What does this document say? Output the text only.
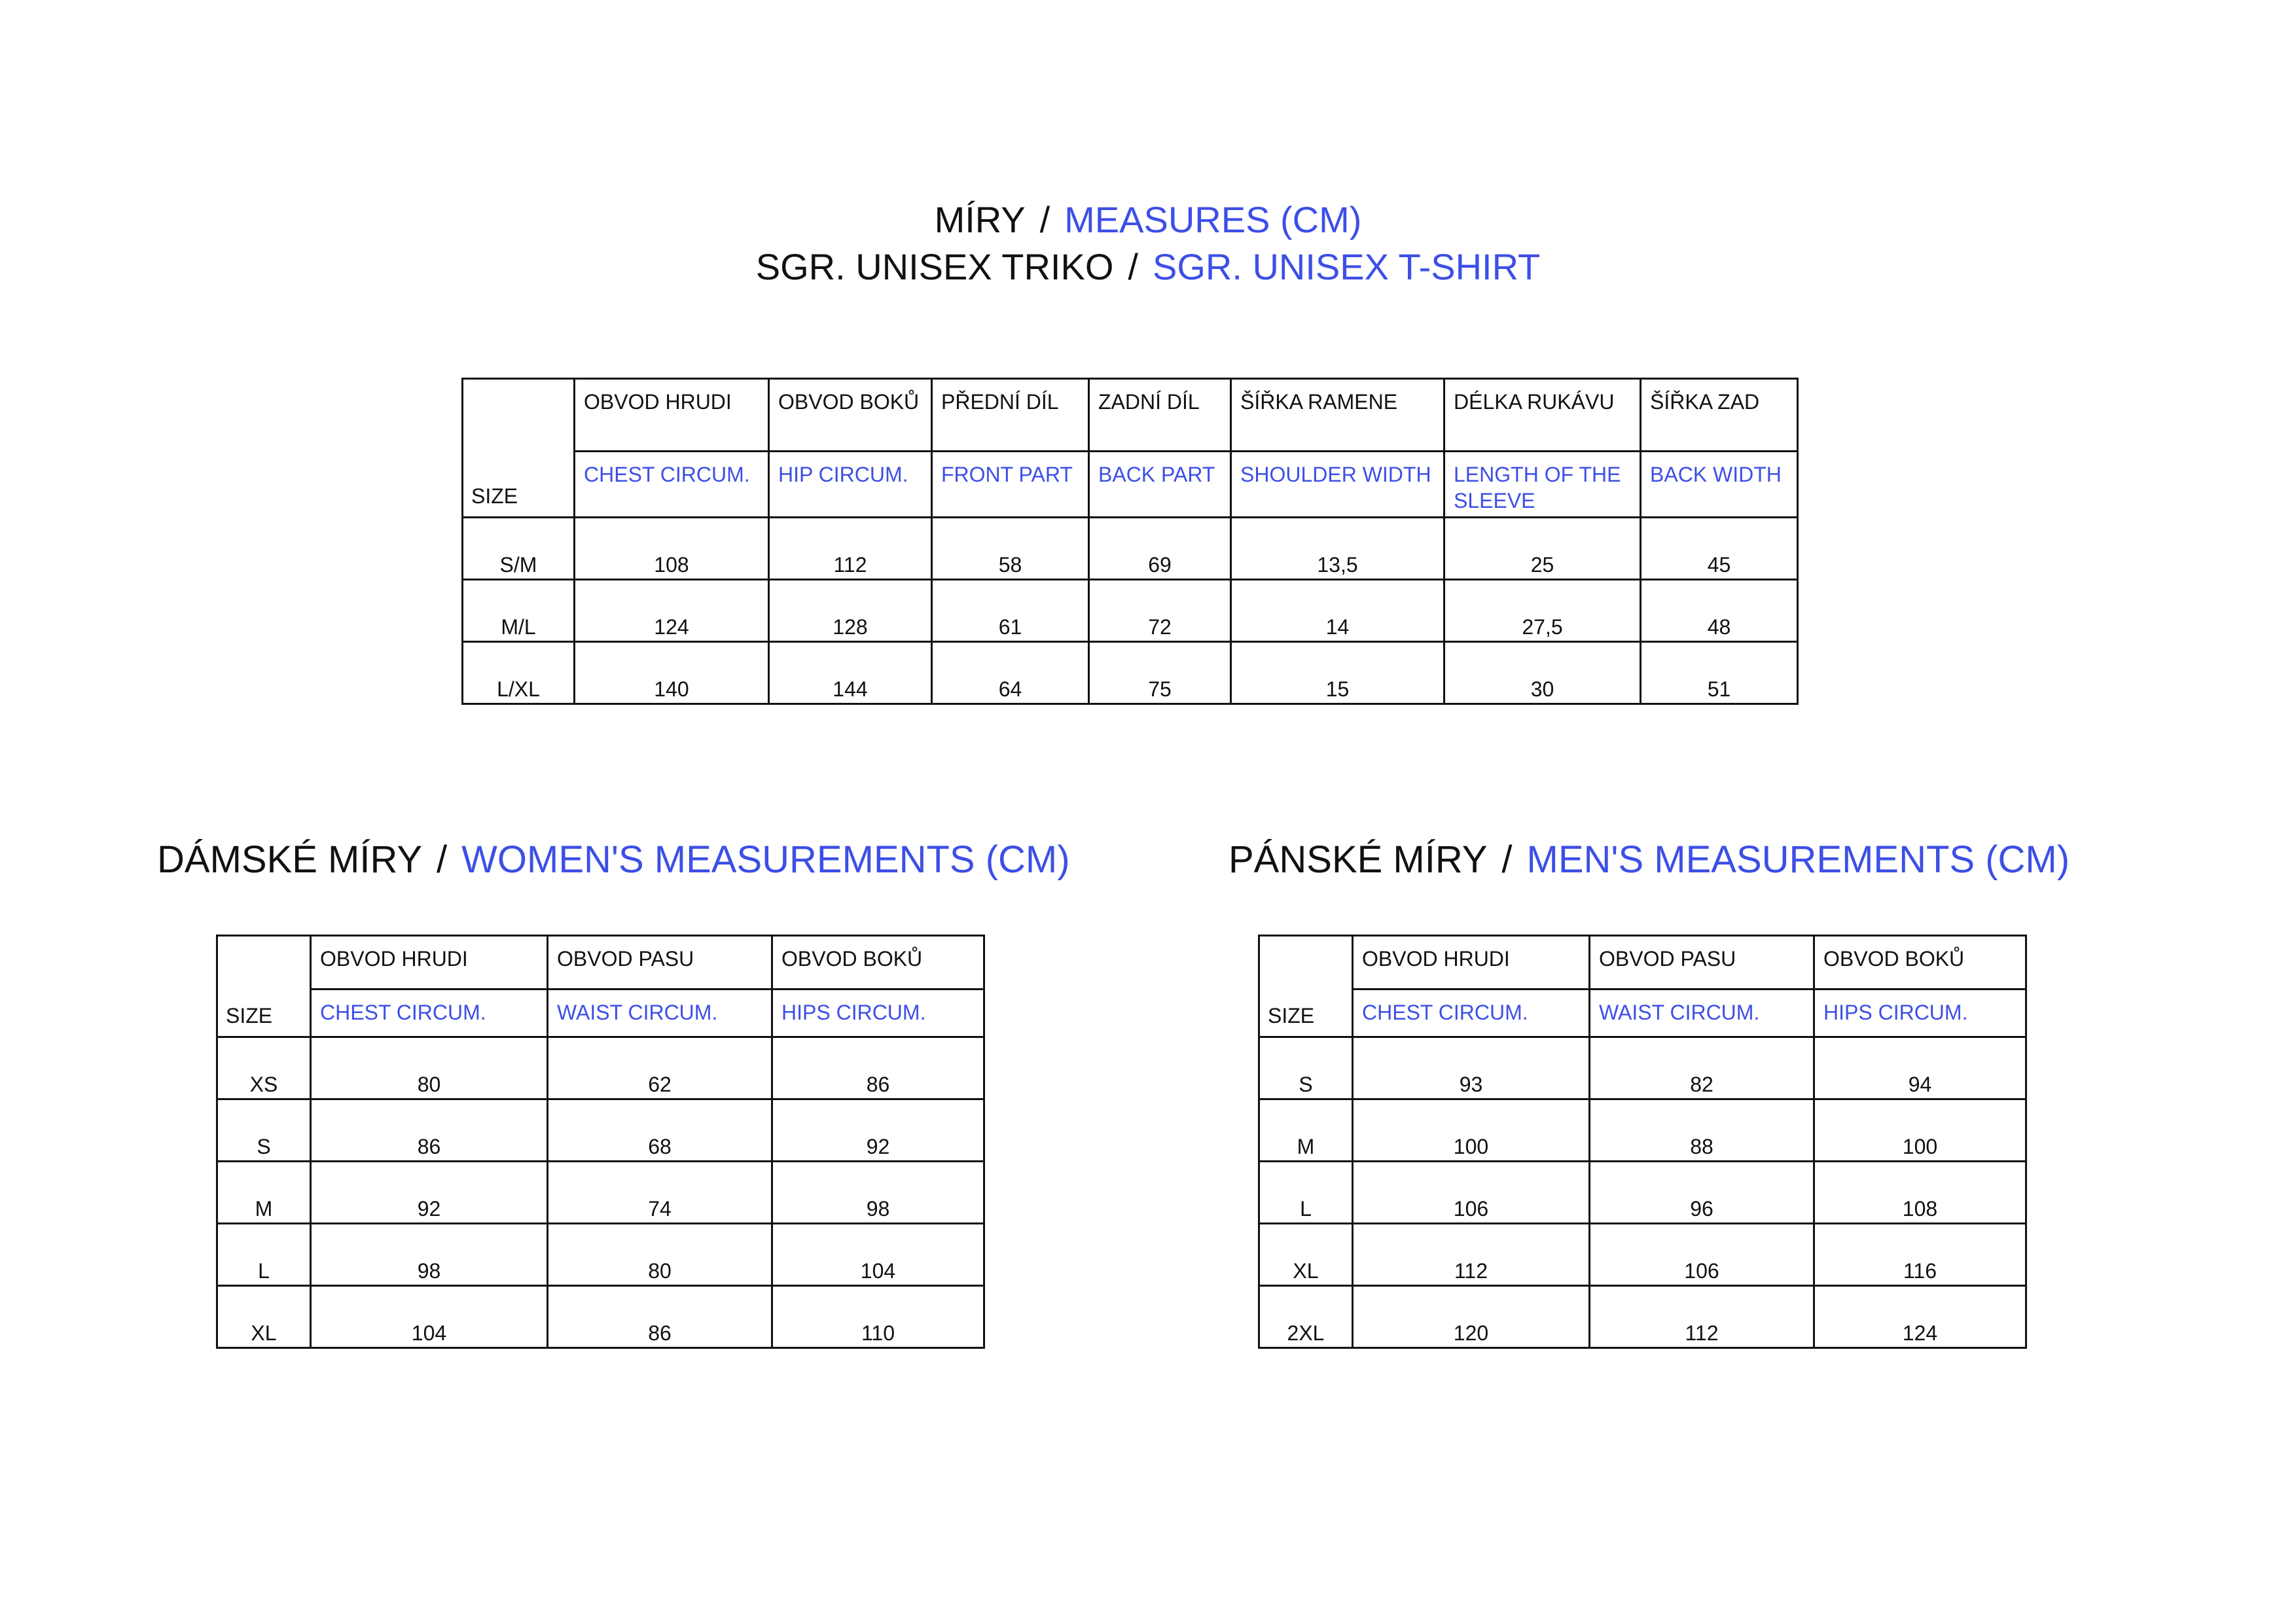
MÍRY / MEASURES (CM)
SGR. UNISEX TRIKO / SGR. UNISEX T-SHIRT
SIZE	OBVOD HRUDI	OBVOD BOKŮ	PŘEDNÍ DÍL	ZADNÍ DÍL	ŠÍŘKA RAMENE	DÉLKA RUKÁVU	ŠÍŘKA ZAD
	CHEST CIRCUM.	HIP CIRCUM.	FRONT PART	BACK PART	SHOULDER WIDTH	LENGTH OF THE SLEEVE	BACK WIDTH
S/M	108	112	58	69	13,5	25	45
M/L	124	128	61	72	14	27,5	48
L/XL	140	144	64	75	15	30	51
DÁMSKÉ MÍRY / WOMEN'S MEASUREMENTS (CM)
SIZE	OBVOD HRUDI	OBVOD PASU	OBVOD BOKŮ
	CHEST CIRCUM.	WAIST CIRCUM.	HIPS CIRCUM.
XS	80	62	86
S	86	68	92
M	92	74	98
L	98	80	104
XL	104	86	110
PÁNSKÉ MÍRY / MEN'S MEASUREMENTS (CM)
SIZE	OBVOD HRUDI	OBVOD PASU	OBVOD BOKŮ
	CHEST CIRCUM.	WAIST CIRCUM.	HIPS CIRCUM.
S	93	82	94
M	100	88	100
L	106	96	108
XL	112	106	116
2XL	120	112	124
